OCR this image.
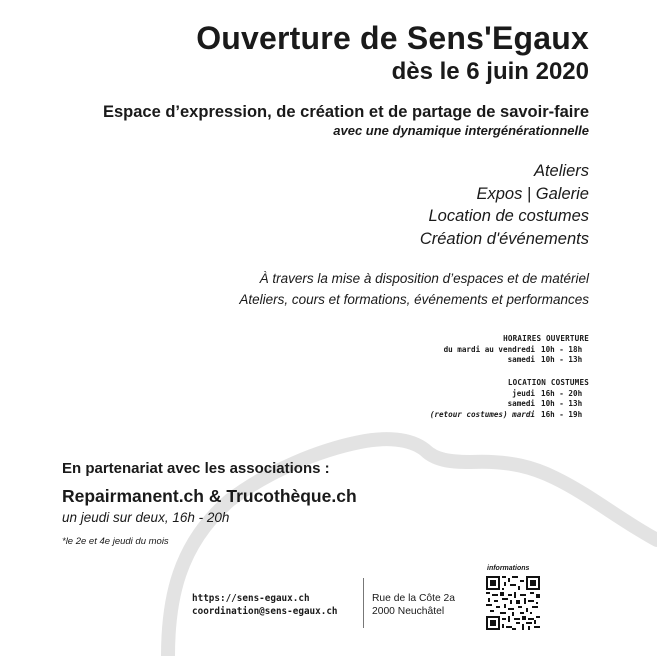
Ouverture de Sens'Egaux
dès le 6 juin 2020
Espace d’expression, de création et de partage de savoir-faire
avec une dynamique intergénérationnelle
Ateliers
Expos | Galerie
Location de costumes
Création d'événements
À travers la mise à disposition d’espaces et de matériel
Ateliers, cours et formations, événements et performances
HORAIRES OUVERTURE
du mardi au vendredi 10h - 18h
samedi 10h - 13h
LOCATION COSTUMES
jeudi 16h - 20h
samedi 10h - 13h
(retour costumes) mardi 16h - 19h
En partenariat avec les associations :
Repairmanent.ch & Trucothèque.ch
un jeudi sur deux, 16h - 20h
*le 2e et 4e jeudi du mois
https://sens-egaux.ch
coordination@sens-egaux.ch
Rue de la Côte 2a
2000 Neuchâtel
informations
